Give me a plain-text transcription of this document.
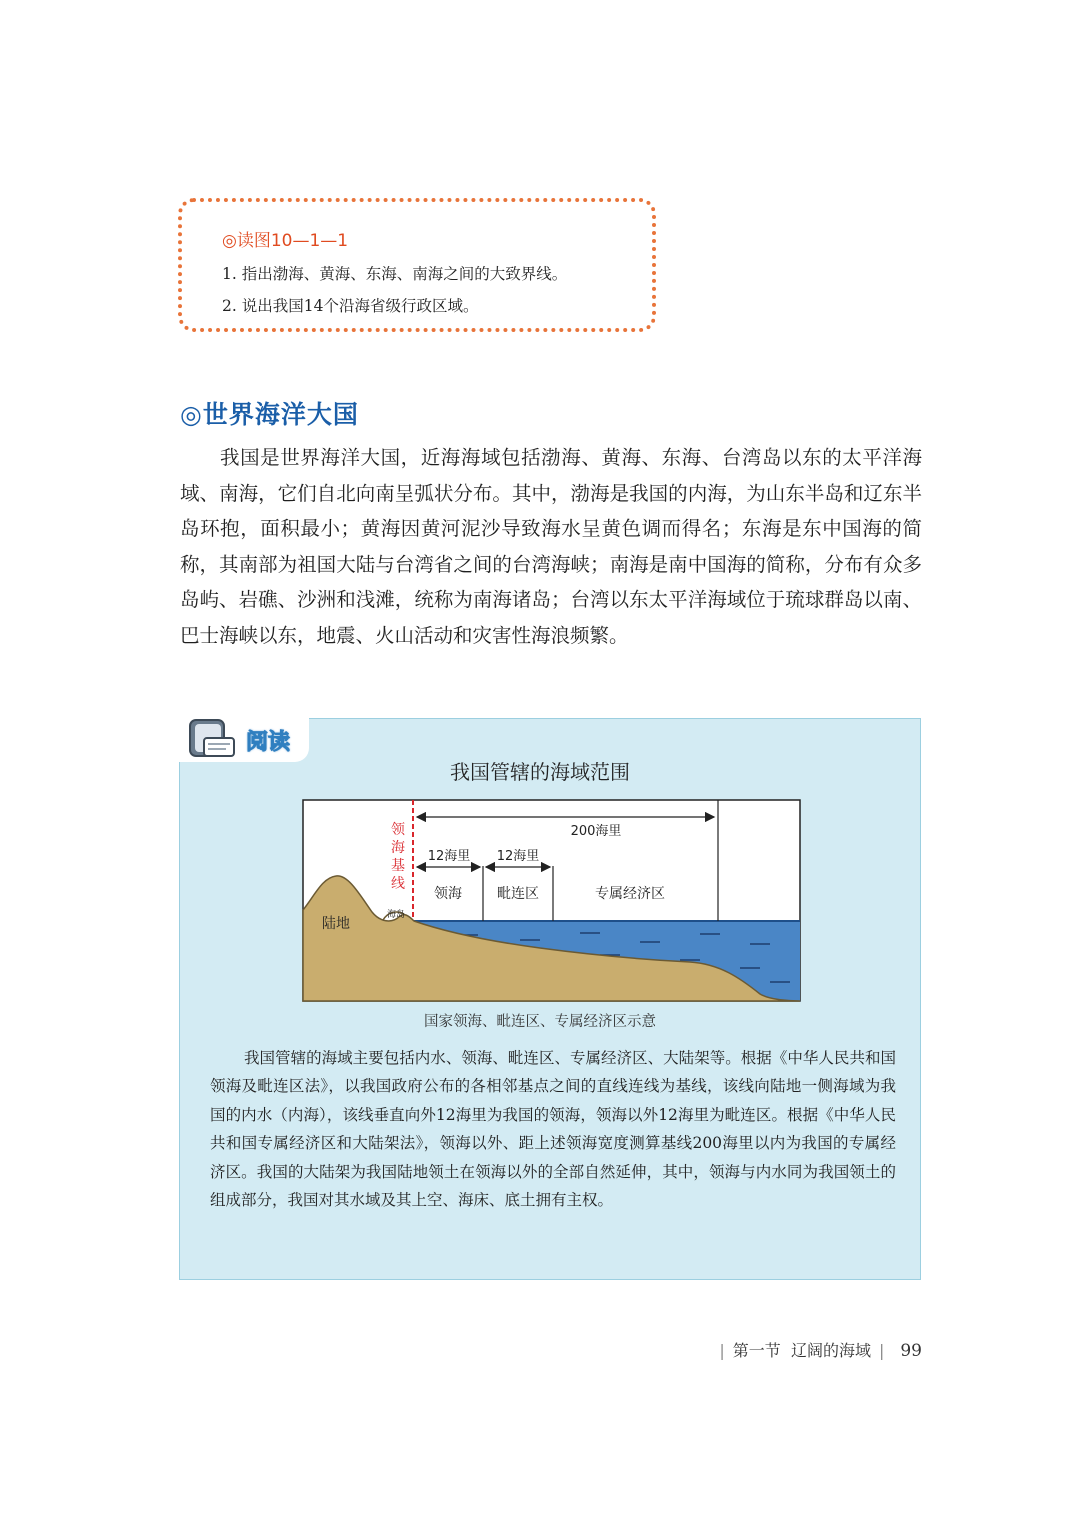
◎读图10—1—1
1. 指出渤海、黄海、东海、南海之间的大致界线。
2. 说出我国14个沿海省级行政区域。
◎世界海洋大国
我国是世界海洋大国，近海海域包括渤海、黄海、东海、台湾岛以东的太平洋海域、南海，它们自北向南呈弧状分布。其中，渤海是我国的内海，为山东半岛和辽东半岛环抱，面积最小；黄海因黄河泥沙导致海水呈黄色调而得名；东海是东中国海的简称，其南部为祖国大陆与台湾省之间的台湾海峡；南海是南中国海的简称，分布有众多岛屿、岩礁、沙洲和浅滩，统称为南海诸岛；台湾以东太平洋海域位于琉球群岛以南、巴士海峡以东，地震、火山活动和灾害性海浪频繁。
阅读
我国管辖的海域范围
200海里
12海里 12海里
领海	毗连区	专属经济区
陆地
海岛
领
海
基
线
国家领海、毗连区、专属经济区示意
我国管辖的海域主要包括内水、领海、毗连区、专属经济区、大陆架等。根据《中华人民共和国领海及毗连区法》，以我国政府公布的各相邻基点之间的直线连线为基线，该线向陆地一侧海域为我国的内水（内海），该线垂直向外12海里为我国的领海，领海以外12海里为毗连区。根据《中华人民共和国专属经济区和大陆架法》，领海以外、距上述领海宽度测算基线200海里以内为我国的专属经济区。我国的大陆架为我国陆地领土在领海以外的全部自然延伸，其中，领海与内水同为我国领土的组成部分，我国对其水域及其上空、海床、底土拥有主权。
| 第一节 辽阔的海域 | 99
